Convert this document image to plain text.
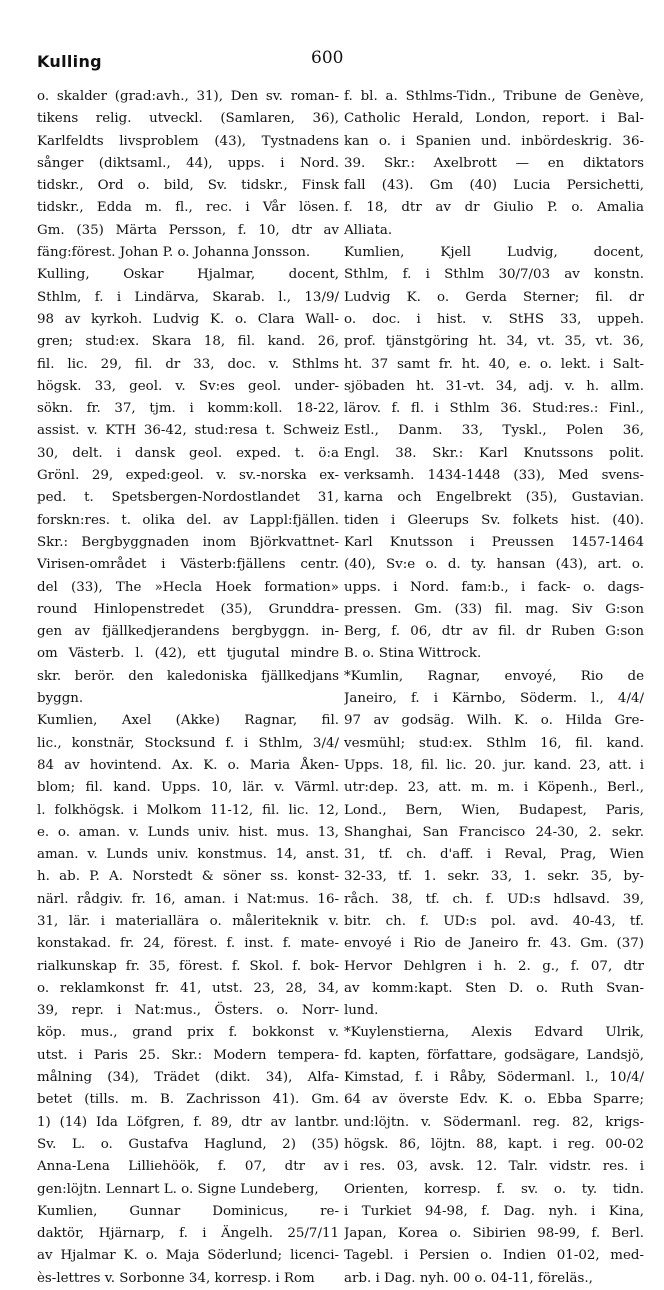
Kulling	600
o. skalder (grad:avh., 31), Den sv. roman-
tikens relig. utveckl. (Samlaren, 36),
Karlfeldts livsproblem (43), Tystnadens
sånger (diktsaml., 44), upps. i Nord.
tidskr., Ord o. bild, Sv. tidskr., Finsk
tidskr., Edda m. fl., rec. i Vår lösen.
Gm. (35) Märta Persson, f. 10, dtr av
fäng:förest. Johan P. o. Johanna Jonsson.
Kulling, Oskar Hjalmar, docent,
Sthlm, f. i Lindärva, Skarab. l., 13/9/
98 av kyrkoh. Ludvig K. o. Clara Wall-
gren; stud:ex. Skara 18, fil. kand. 26,
fil. lic. 29, fil. dr 33, doc. v. Sthlms
högsk. 33, geol. v. Sv:es geol. under-
sökn. fr. 37, tjm. i komm:koll. 18-22,
assist. v. KTH 36-42, stud:resa t. Schweiz
30, delt. i dansk geol. exped. t. ö:a
Grönl. 29, exped:geol. v. sv.-norska ex-
ped. t. Spetsbergen-Nordostlandet 31,
forskn:res. t. olika del. av Lappl:fjällen.
Skr.: Bergbyggnaden inom Björkvattnet-
Virisen-området i Västerb:fjällens centr.
del (33), The »Hecla Hoek formation»
round Hinlopenstredet (35), Grunddra-
gen av fjällkedjerandens bergbyggn. in-
om Västerb. l. (42), ett tjugutal mindre
skr. berör. den kaledoniska fjällkedjans
byggn.
Kumlien, Axel (Akke) Ragnar, fil.
lic., konstnär, Stocksund f. i Sthlm, 3/4/
84 av hovintend. Ax. K. o. Maria Åken-
blom; fil. kand. Upps. 10, lär. v. Värml.
l. folkhögsk. i Molkom 11-12, fil. lic. 12,
e. o. aman. v. Lunds univ. hist. mus. 13,
aman. v. Lunds univ. konstmus. 14, anst.
h. ab. P. A. Norstedt & söner ss. konst-
närl. rådgiv. fr. 16, aman. i Nat:mus. 16-
31, lär. i materiallära o. måleriteknik v.
konstakad. fr. 24, förest. f. inst. f. mate-
rialkunskap fr. 35, förest. f. Skol. f. bok-
o. reklamkonst fr. 41, utst. 23, 28, 34,
39, repr. i Nat:mus., Östers. o. Norr-
köp. mus., grand prix f. bokkonst v.
utst. i Paris 25. Skr.: Modern tempera-
målning (34), Trädet (dikt. 34), Alfa-
betet (tills. m. B. Zachrisson 41). Gm.
1) (14) Ida Löfgren, f. 89, dtr av lantbr.
Sv. L. o. Gustafva Haglund, 2) (35)
Anna-Lena Lilliehöök, f. 07, dtr av
gen:löjtn. Lennart L. o. Signe Lundeberg,
Kumlien, Gunnar Dominicus, re-
daktör, Hjärnarp, f. i Ängelh. 25/7/11
av Hjalmar K. o. Maja Söderlund; licenci-
ès-lettres v. Sorbonne 34, korresp. i Rom
f. bl. a. Sthlms-Tidn., Tribune de Genève,
Catholic Herald, London, report. i Bal-
kan o. i Spanien und. inbördeskrig. 36-
39. Skr.: Axelbrott — en diktators
fall (43). Gm (40) Lucia Persichetti,
f. 18, dtr av dr Giulio P. o. Amalia
Alliata.
Kumlien, Kjell Ludvig, docent,
Sthlm, f. i Sthlm 30/7/03 av konstn.
Ludvig K. o. Gerda Sterner; fil. dr
o. doc. i hist. v. StHS 33, uppeh.
prof. tjänstgöring ht. 34, vt. 35, vt. 36,
ht. 37 samt fr. ht. 40, e. o. lekt. i Salt-
sjöbaden ht. 31-vt. 34, adj. v. h. allm.
lärov. f. fl. i Sthlm 36. Stud:res.: Finl.,
Estl., Danm. 33, Tyskl., Polen 36,
Engl. 38. Skr.: Karl Knutssons polit.
verksamh. 1434-1448 (33), Med svens-
karna och Engelbrekt (35), Gustavian.
tiden i Gleerups Sv. folkets hist. (40).
Karl Knutsson i Preussen 1457-1464
(40), Sv:e o. d. ty. hansan (43), art. o.
upps. i Nord. fam:b., i fack- o. dags-
pressen. Gm. (33) fil. mag. Siv G:son
Berg, f. 06, dtr av fil. dr Ruben G:son
B. o. Stina Wittrock.
*Kumlin, Ragnar, envoyé, Rio de
Janeiro, f. i Kärnbo, Söderm. l., 4/4/
97 av godsäg. Wilh. K. o. Hilda Gre-
vesmühl; stud:ex. Sthlm 16, fil. kand.
Upps. 18, fil. lic. 20. jur. kand. 23, att. i
utr:dep. 23, att. m. m. i Köpenh., Berl.,
Lond., Bern, Wien, Budapest, Paris,
Shanghai, San Francisco 24-30, 2. sekr.
31, tf. ch. d'aff. i Reval, Prag, Wien
32-33, tf. 1. sekr. 33, 1. sekr. 35, by-
råch. 38, tf. ch. f. UD:s hdlsavd. 39,
bitr. ch. f. UD:s pol. avd. 40-43, tf.
envoyé i Rio de Janeiro fr. 43. Gm. (37)
Hervor Dehlgren i h. 2. g., f. 07, dtr
av komm:kapt. Sten D. o. Ruth Svan-
lund.
*Kuylenstierna, Alexis Edvard Ulrik,
fd. kapten, författare, godsägare, Landsjö,
Kimstad, f. i Råby, Södermanl. l., 10/4/
64 av överste Edv. K. o. Ebba Sparre;
und:löjtn. v. Södermanl. reg. 82, krigs-
högsk. 86, löjtn. 88, kapt. i reg. 00-02
i res. 03, avsk. 12. Talr. vidstr. res. i
Orienten, korresp. f. sv. o. ty. tidn.
i Turkiet 94-98, f. Dag. nyh. i Kina,
Japan, Korea o. Sibirien 98-99, f. Berl.
Tagebl. i Persien o. Indien 01-02, med-
arb. i Dag. nyh. 00 o. 04-11, föreläs.,
